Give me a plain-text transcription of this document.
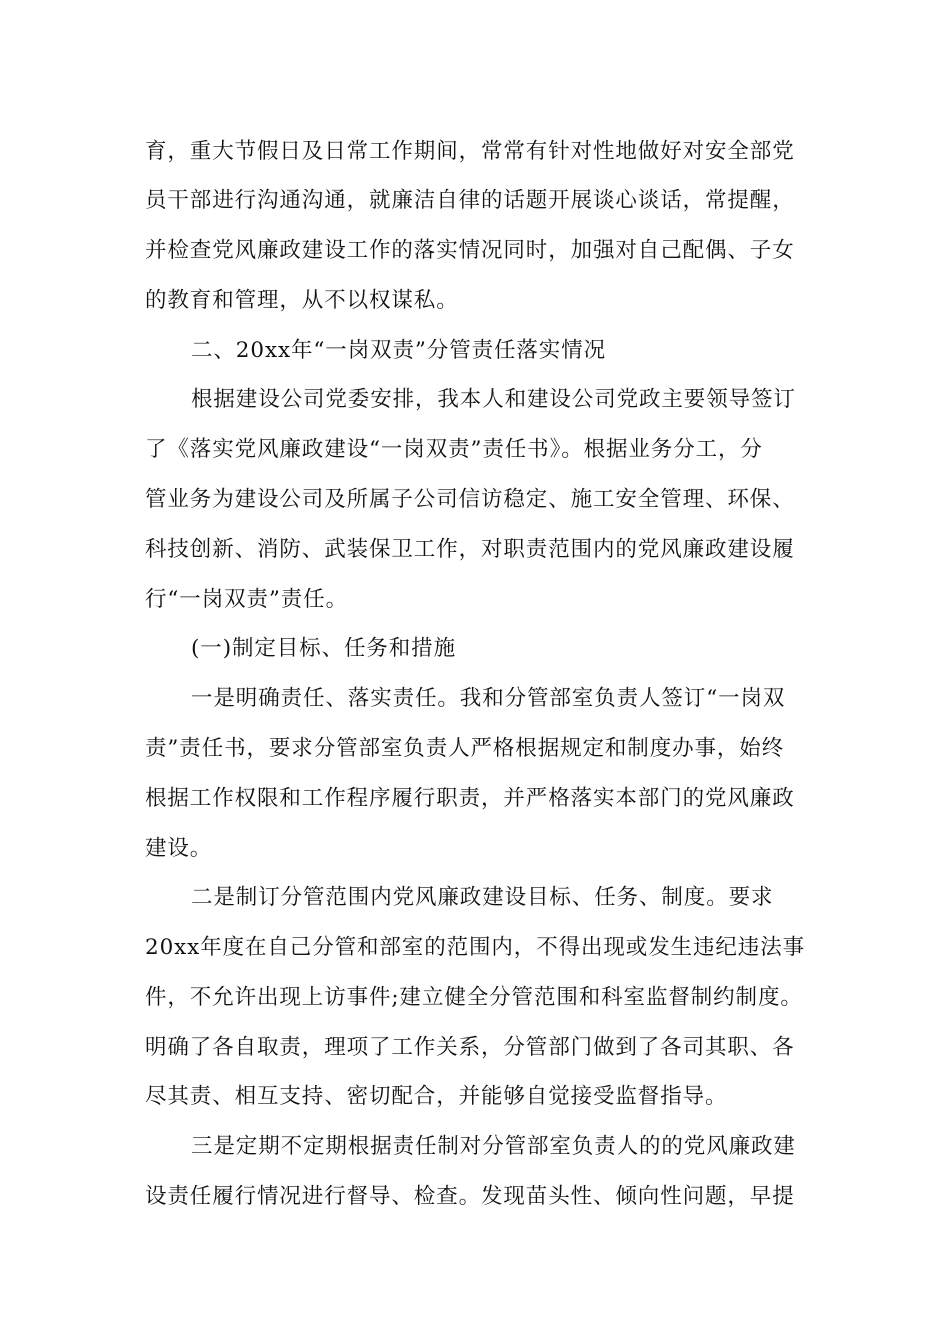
育，重大节假日及日常工作期间，常常有针对性地做好对安全部党

员干部进行沟通沟通，就廉洁自律的话题开展谈心谈话，常提醒，

并检查党风廉政建设工作的落实情况同时，加强对自己配偶、子女

的教育和管理，从不以权谋私。

二、20xx年“一岗双责”分管责任落实情况

根据建设公司党委安排，我本人和建设公司党政主要领导签订

了《落实党风廉政建设“一岗双责”责任书》。根据业务分工，分

管业务为建设公司及所属子公司信访稳定、施工安全管理、环保、

科技创新、消防、武装保卫工作，对职责范围内的党风廉政建设履

行“一岗双责”责任。

(一)制定目标、任务和措施

一是明确责任、落实责任。我和分管部室负责人签订“一岗双

责”责任书，要求分管部室负责人严格根据规定和制度办事，始终

根据工作权限和工作程序履行职责，并严格落实本部门的党风廉政

建设。

二是制订分管范围内党风廉政建设目标、任务、制度。要求

20xx年度在自己分管和部室的范围内，不得出现或发生违纪违法事

件，不允许出现上访事件;建立健全分管范围和科室监督制约制度。

明确了各自取责，理项了工作关系，分管部门做到了各司其职、各

尽其责、相互支持、密切配合，并能够自觉接受监督指导。

三是定期不定期根据责任制对分管部室负责人的的党风廉政建

设责任履行情况进行督导、检查。发现苗头性、倾向性问题，早提
